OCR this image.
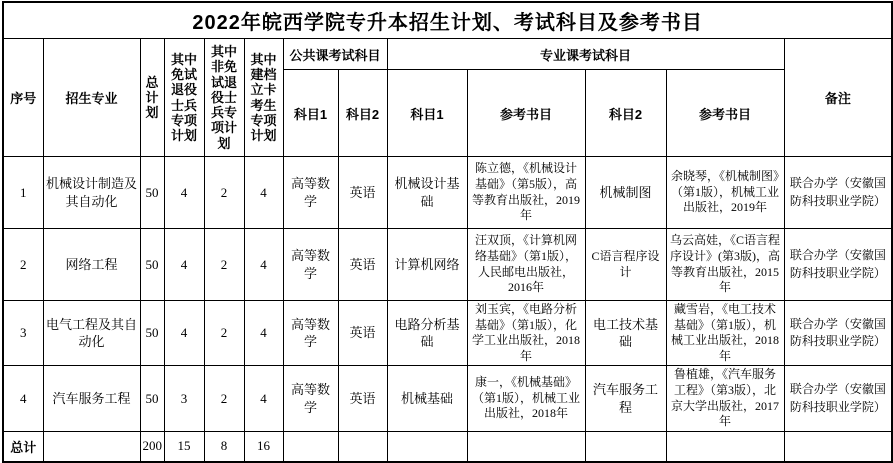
2022年皖西学院专升本招生计划、考试科目及参考书目												
序号	招生专业	总计划	其中免试退役士兵专项计划	其中非免试退役士兵专项计划	其中建档立卡考生专项计划	公共课考试科目		专业课考试科目				备注
						科目1	科目2	科目1	参考书目	科目2	参考书目	
1	机械设计制造及其自动化	50	4	2	4	高等数学	英语	机械设计基础	陈立德，《机械设计基础》（第5版），高等教育出版社，2019年	机械制图	余晓琴，《机械制图》（第1版），机械工业出版社，2019年	联合办学（安徽国防科技职业学院）
2	网络工程	50	4	2	4	高等数学	英语	计算机网络	汪双顶，《计算机网络基础》（第1版），人民邮电出版社，2016年	C语言程序设计	乌云高娃，《C语言程序设计》(第3版)，高等教育出版社，2015年	联合办学（安徽国防科技职业学院）
3	电气工程及其自动化	50	4	2	4	高等数学	英语	电路分析基础	刘玉宾，《电路分析基础》（第1版），化学工业出版社，2018年	电工技术基础	藏雪岩，《电工技术基础》（第1版），机械工业出版社，2018年	联合办学（安徽国防科技职业学院）
4	汽车服务工程	50	3	2	4	高等数学	英语	机械基础	康一，《机械基础》（第1版），机械工业出版社，2018年	汽车服务工程	鲁植雄，《汽车服务工程》（第3版），北京大学出版社，2017年	联合办学（安徽国防科技职业学院）
总计		200	15	8	16							
